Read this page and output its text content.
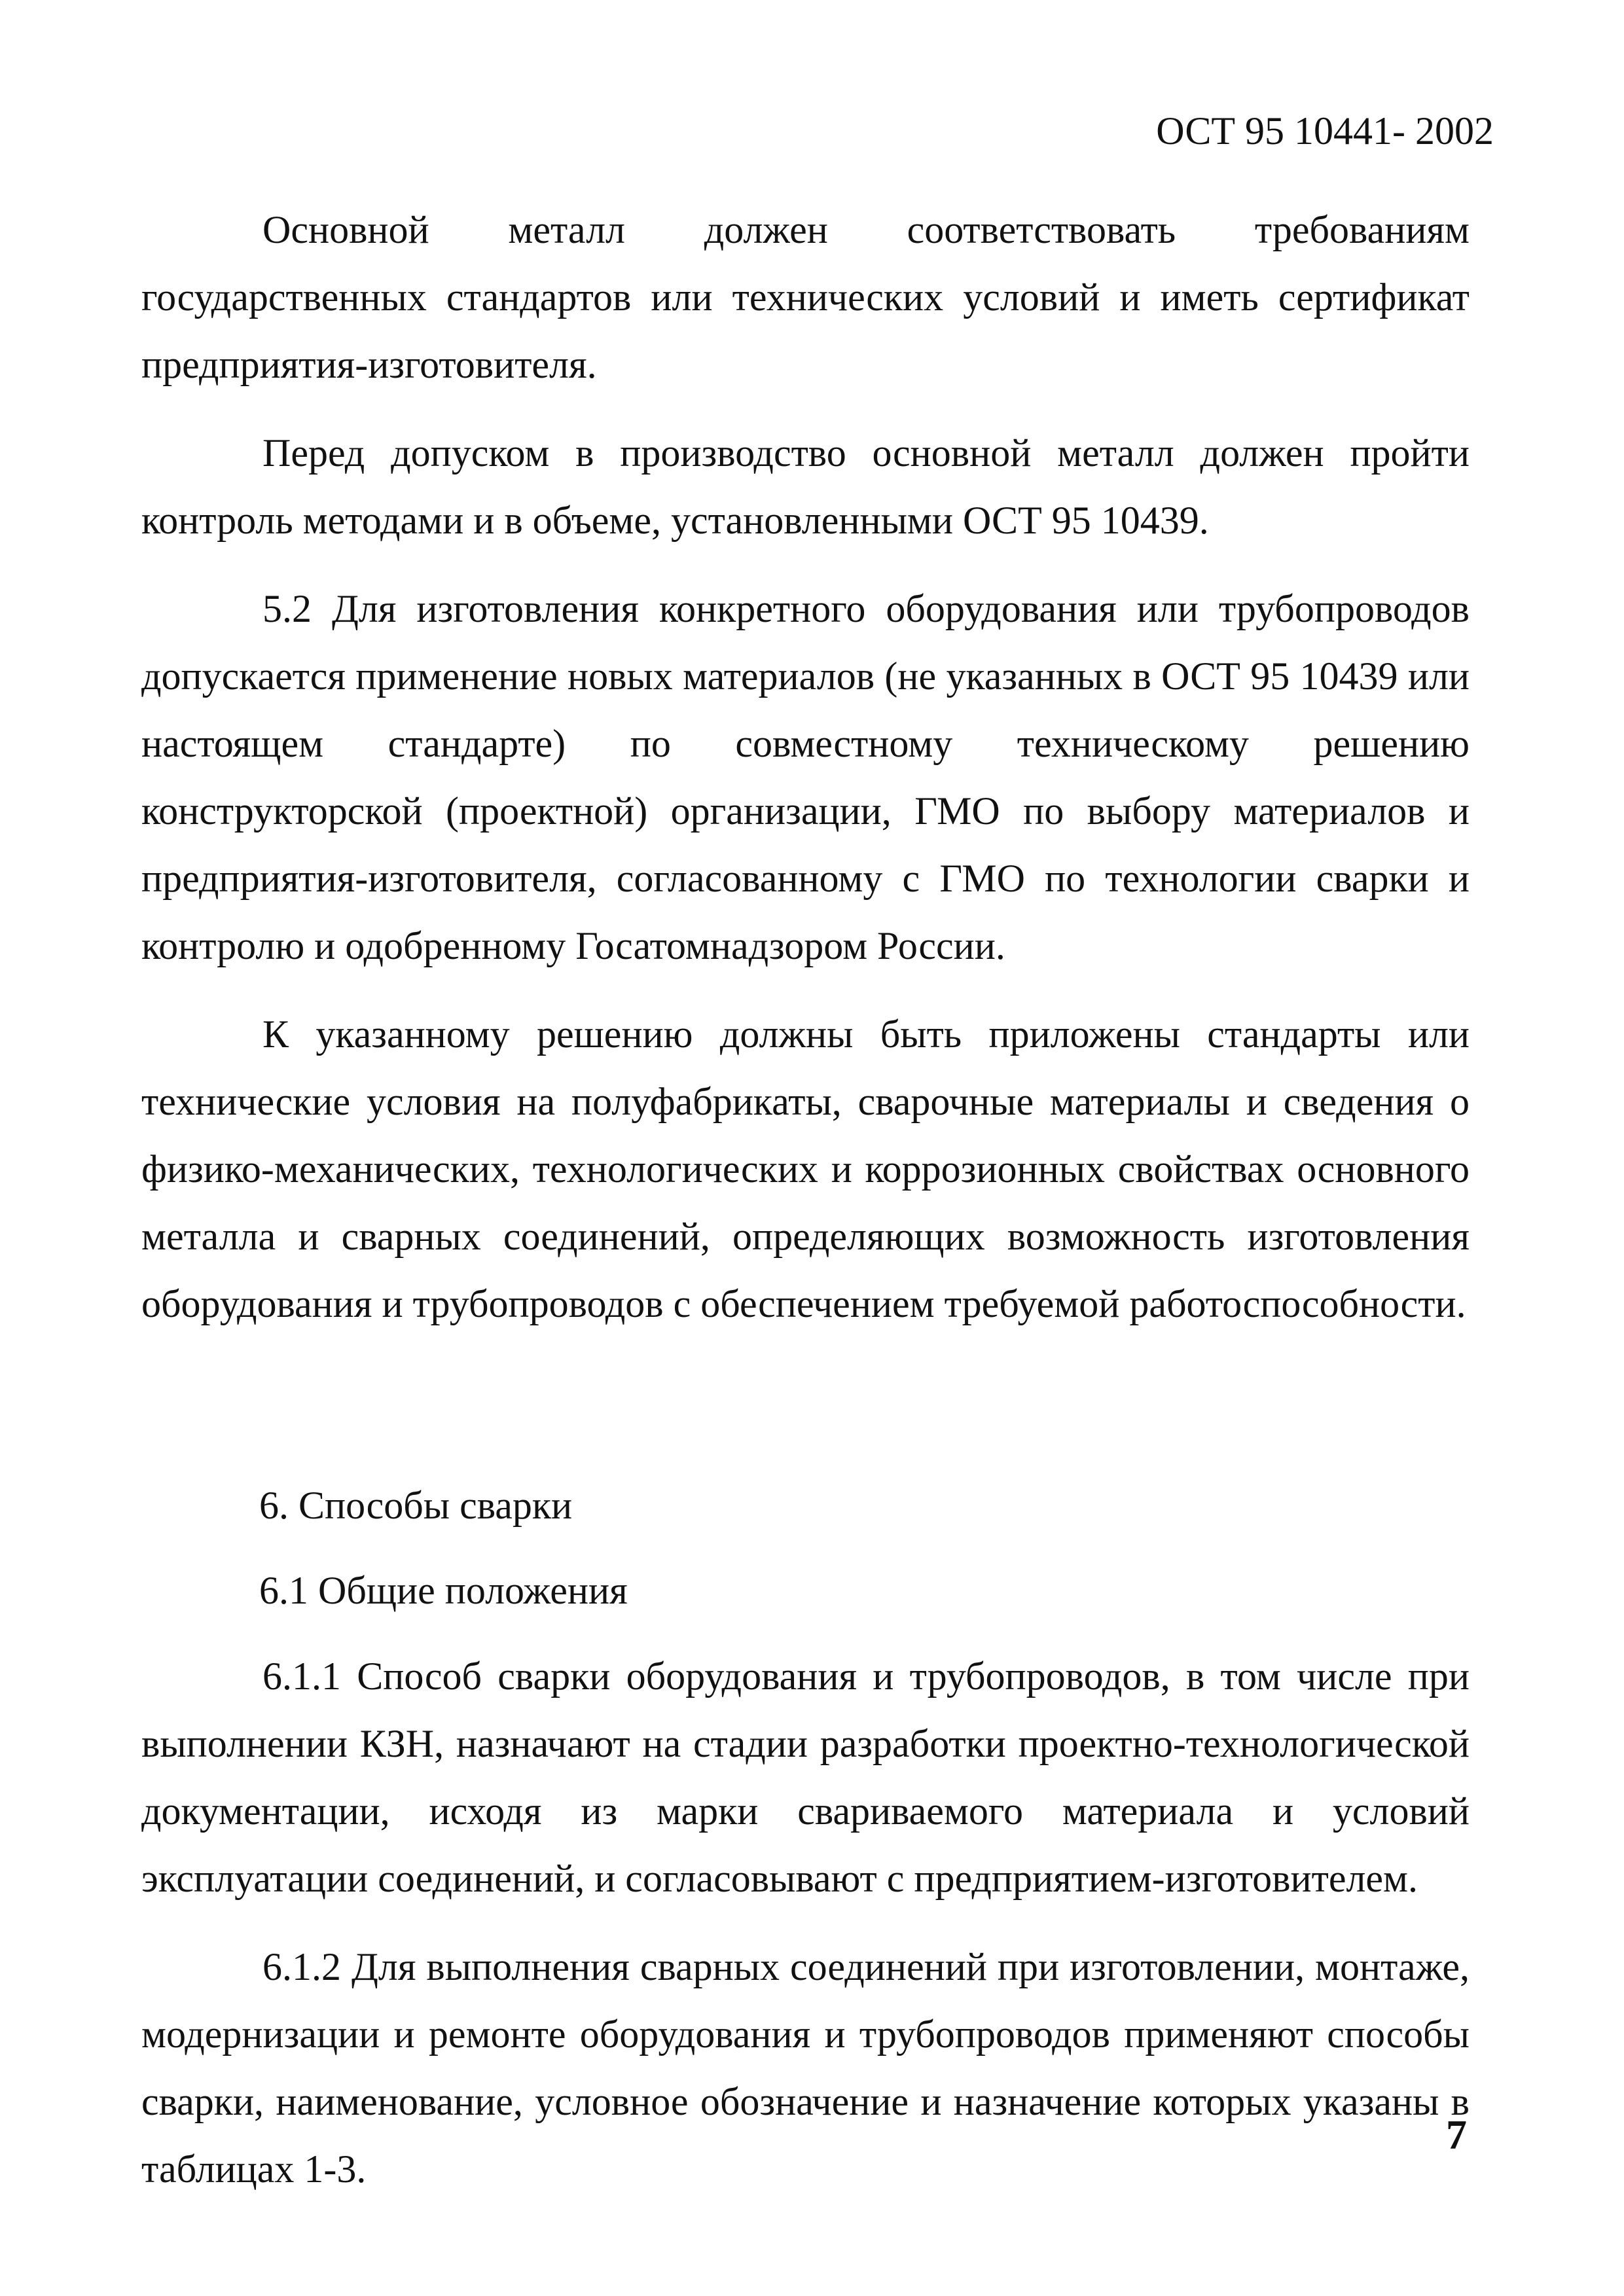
ОСТ 95 10441- 2002

Основной металл должен соответствовать требованиям государственных стандартов или технических условий и иметь сертификат предприятия-изготовителя.

Перед допуском в производство основной металл должен пройти контроль методами и в объеме, установленными ОСТ 95 10439.

5.2 Для изготовления конкретного оборудования или трубопроводов допускается применение новых материалов (не указанных в ОСТ 95 10439 или настоящем стандарте) по совместному техническому решению конструкторской (проектной) организации, ГМО по выбору материалов и предприятия-изготовителя, согласованному с ГМО по технологии сварки и контролю и одобренному Госатомнадзором России.

К указанному решению должны быть приложены стандарты или технические условия на полуфабрикаты, сварочные материалы и сведения о физико-механических, технологических и коррозионных свойствах основного металла и сварных соединений, определяющих возможность изготовления оборудования и трубопроводов с обеспечением требуемой работоспособности.

6. Способы сварки

6.1 Общие положения

6.1.1 Способ сварки оборудования и трубопроводов, в том числе при выполнении КЗН, назначают на стадии разработки проектно-технологической документации, исходя из марки свариваемого материала и условий эксплуатации соединений, и согласовывают с предприятием-изготовителем.

6.1.2 Для выполнения сварных соединений при изготовлении, монтаже, модернизации и ремонте оборудования и трубопроводов применяют способы сварки, наименование, условное обозначение и назначение которых указаны в таблицах 1-3.

7
